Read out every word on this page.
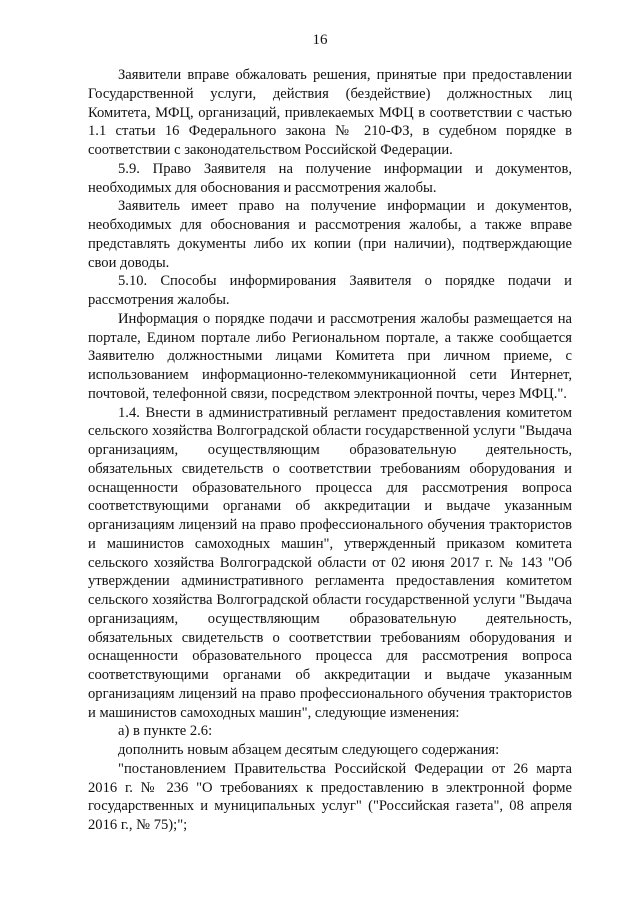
16

Заявители вправе обжаловать решения, принятые при предоставлении Государственной услуги, действия (бездействие) должностных лиц Комитета, МФЦ, организаций, привлекаемых МФЦ в соответствии с частью 1.1 статьи 16 Федерального закона № 210-ФЗ, в судебном порядке в соответствии с законодательством Российской Федерации.

5.9. Право Заявителя на получение информации и документов, необходимых для обоснования и рассмотрения жалобы.

Заявитель имеет право на получение информации и документов, необходимых для обоснования и рассмотрения жалобы, а также вправе представлять документы либо их копии (при наличии), подтверждающие свои доводы.

5.10. Способы информирования Заявителя о порядке подачи и рассмотрения жалобы.

Информация о порядке подачи и рассмотрения жалобы размещается на портале, Едином портале либо Региональном портале, а также сообщается Заявителю должностными лицами Комитета при личном приеме, с использованием информационно-телекоммуникационной сети Интернет, почтовой, телефонной связи, посредством электронной почты, через МФЦ.".

1.4. Внести в административный регламент предоставления комитетом сельского хозяйства Волгоградской области государственной услуги "Выдача организациям, осуществляющим образовательную деятельность, обязательных свидетельств о соответствии требованиям оборудования и оснащенности образовательного процесса для рассмотрения вопроса соответствующими органами об аккредитации и выдаче указанным организациям лицензий на право профессионального обучения трактористов и машинистов самоходных машин", утвержденный приказом комитета сельского хозяйства Волгоградской области от 02 июня 2017 г. № 143 "Об утверждении административного регламента предоставления комитетом сельского хозяйства Волгоградской области государственной услуги "Выдача организациям, осуществляющим образовательную деятельность, обязательных свидетельств о соответствии требованиям оборудования и оснащенности образовательного процесса для рассмотрения вопроса соответствующими органами об аккредитации и выдаче указанным организациям лицензий на право профессионального обучения трактористов и машинистов самоходных машин", следующие изменения:

а) в пункте 2.6:

дополнить новым абзацем десятым следующего содержания:

"постановлением Правительства Российской Федерации от 26 марта 2016 г. № 236 "О требованиях к предоставлению в электронной форме государственных и муниципальных услуг" ("Российская газета", 08 апреля 2016 г., № 75);";
